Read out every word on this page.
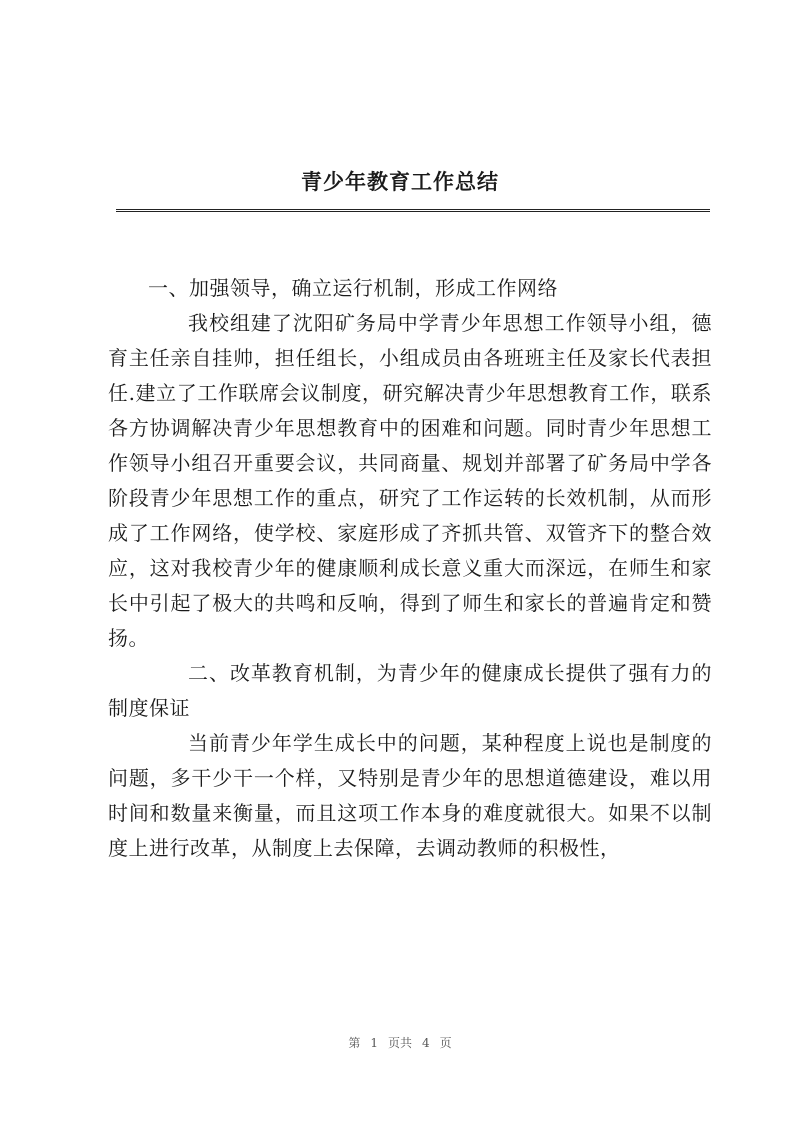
青少年教育工作总结

一、加强领导，确立运行机制，形成工作网络

我校组建了沈阳矿务局中学青少年思想工作领导小组，德育主任亲自挂帅，担任组长，小组成员由各班班主任及家长代表担任.建立了工作联席会议制度，研究解决青少年思想教育工作，联系各方协调解决青少年思想教育中的困难和问题。同时青少年思想工作领导小组召开重要会议，共同商量、规划并部署了矿务局中学各阶段青少年思想工作的重点，研究了工作运转的长效机制，从而形成了工作网络，使学校、家庭形成了齐抓共管、双管齐下的整合效应，这对我校青少年的健康顺利成长意义重大而深远，在师生和家长中引起了极大的共鸣和反响，得到了师生和家长的普遍肯定和赞扬。

二、改革教育机制，为青少年的健康成长提供了强有力的制度保证

当前青少年学生成长中的问题，某种程度上说也是制度的问题，多干少干一个样，又特别是青少年的思想道德建设，难以用时间和数量来衡量，而且这项工作本身的难度就很大。如果不以制度上进行改革，从制度上去保障，去调动教师的积极性，

第 1 页共 4 页
